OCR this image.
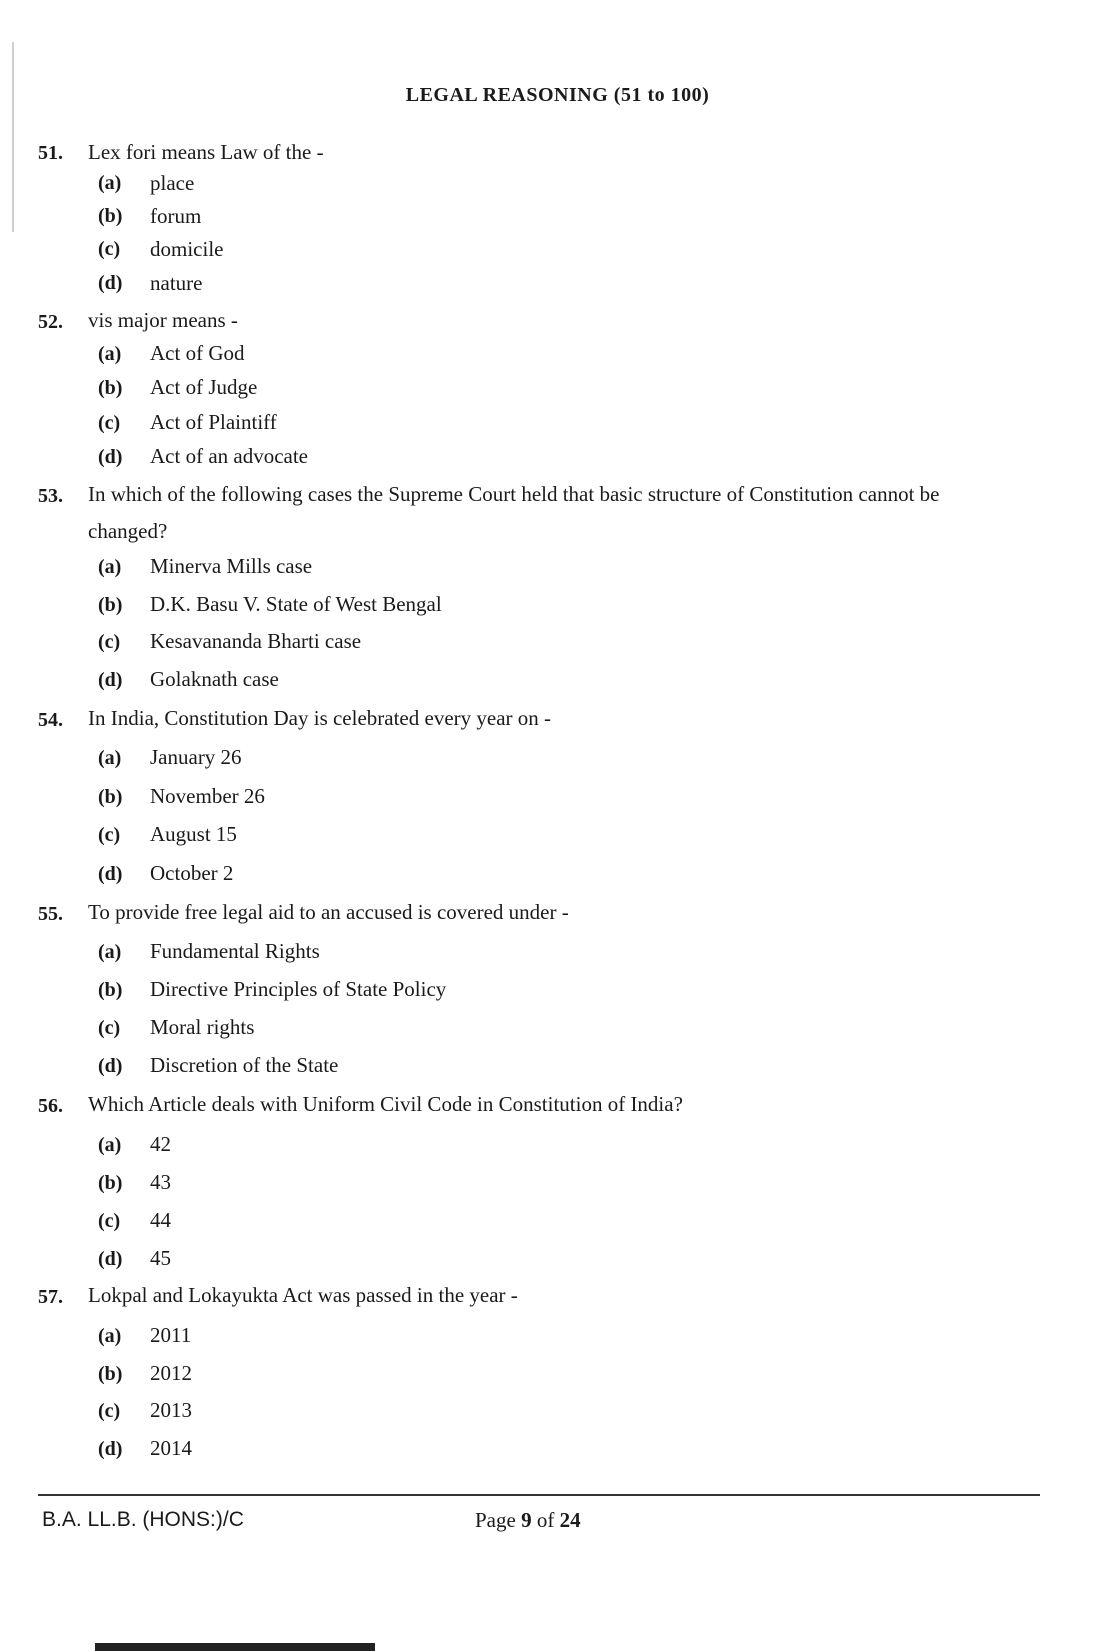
LEGAL REASONING (51 to 100)
51. Lex fori means Law of the -
(a) place
(b) forum
(c) domicile
(d) nature
52. vis major means -
(a) Act of God
(b) Act of Judge
(c) Act of Plaintiff
(d) Act of an advocate
53. In which of the following cases the Supreme Court held that basic structure of Constitution cannot be changed?
(a) Minerva Mills case
(b) D.K. Basu V. State of West Bengal
(c) Kesavananda Bharti case
(d) Golaknath case
54. In India, Constitution Day is celebrated every year on -
(a) January 26
(b) November 26
(c) August 15
(d) October 2
55. To provide free legal aid to an accused is covered under -
(a) Fundamental Rights
(b) Directive Principles of State Policy
(c) Moral rights
(d) Discretion of the State
56. Which Article deals with Uniform Civil Code in Constitution of India?
(a) 42
(b) 43
(c) 44
(d) 45
57. Lokpal and Lokayukta Act was passed in the year -
(a) 2011
(b) 2012
(c) 2013
(d) 2014
B.A. LL.B. (HONS:)/C	Page 9 of 24
